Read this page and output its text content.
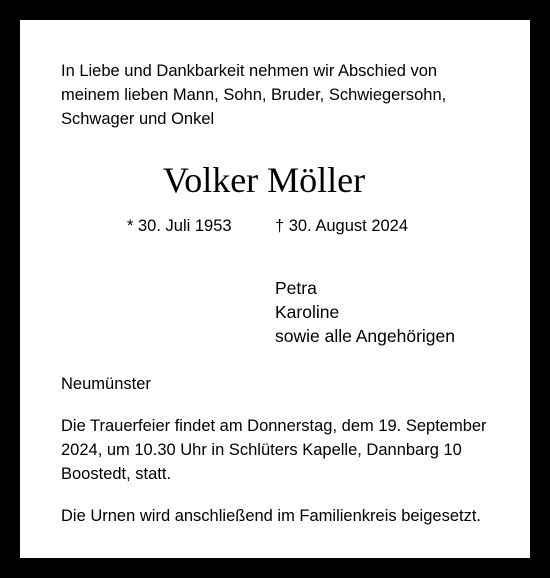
In Liebe und Dankbarkeit nehmen wir Abschied von
meinem lieben Mann, Sohn, Bruder, Schwiegersohn,
Schwager und Onkel

Volker Möller
* 30. Juli 1953	† 30. August 2024
Petra
Karoline
sowie alle Angehörigen
Neumünster
Die Trauerfeier findet am Donnerstag, dem 19. September
2024, um 10.30 Uhr in Schlüters Kapelle, Dannbarg 10
Boostedt, statt.
Die Urnen wird anschließend im Familienkreis beigesetzt.
